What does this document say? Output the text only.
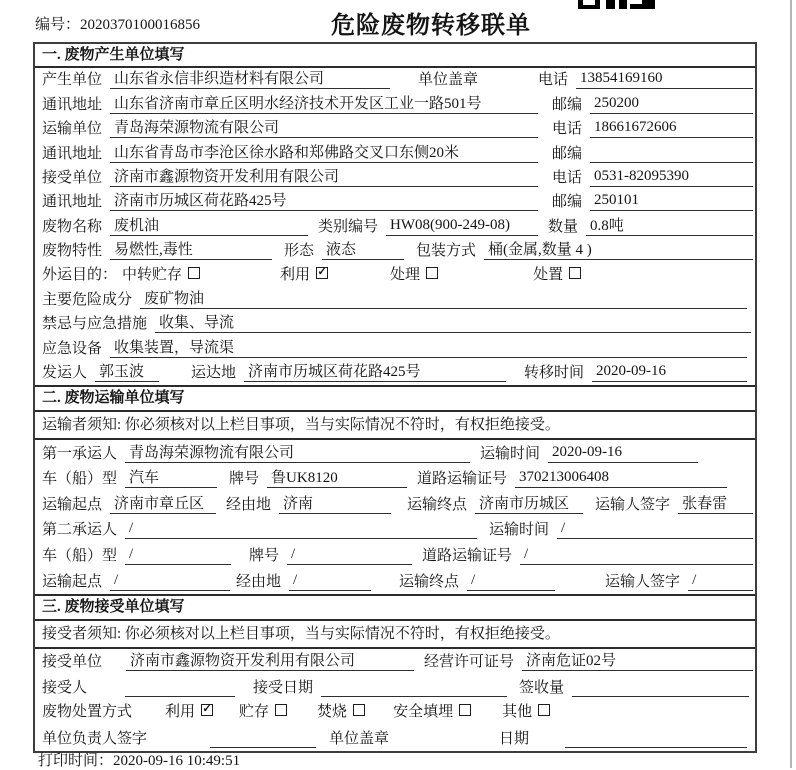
编号：2020370100016856	危险废物转移联单
一. 废物产生单位填写
产生单位 山东省永信非织造材料有限公司	单位盖章	电话 13854169160
通讯地址 山东省济南市章丘区明水经济技术开发区工业一路501号	邮编 250200
运输单位 青岛海荣源物流有限公司	电话 18661672606
通讯地址 山东省青岛市李沧区徐水路和郑佛路交叉口东侧20米	邮编
接受单位 济南市鑫源物资开发利用有限公司	电话 0531-82095390
通讯地址 济南市历城区荷花路425号	邮编 250101
废物名称 废机油	类别编号 HW08(900-249-08)	数量 0.8吨
废物特性 易燃性,毒性	形态 液态	包装方式 桶(金属,数量 4 )
外运目的： 中转贮存	利用 ✓	处理	处置
主要危险成分 废矿物油
禁忌与应急措施 收集、导流
应急设备 收集装置，导流渠
发运人 郭玉波	运达地 济南市历城区荷花路425号	转移时间 2020-09-16
二. 废物运输单位填写
运输者须知: 你必须核对以上栏目事项，当与实际情况不符时，有权拒绝接受。
第一承运人 青岛海荣源物流有限公司	运输时间 2020-09-16
车（船）型 汽车	牌号 鲁UK8120	道路运输证号 370213006408
运输起点 济南市章丘区	经由地 济南	运输终点 济南市历城区	运输人签字 张春雷
第二承运人 /	运输时间 /
车（船）型 /	牌号 /	道路运输证号 /
运输起点 /	经由地 /	运输终点 /	运输人签字 /
三. 废物接受单位填写
接受者须知: 你必须核对以上栏目事项，当与实际情况不符时，有权拒绝接受。
接受单位 济南市鑫源物资开发利用有限公司	经营许可证号 济南危证02号
接受人	接受日期	签收量
废物处置方式 利用 ✓ 贮存	焚烧	安全填埋	其他
单位负责人签字	单位盖章	日期
打印时间：2020-09-16 10:49:51
